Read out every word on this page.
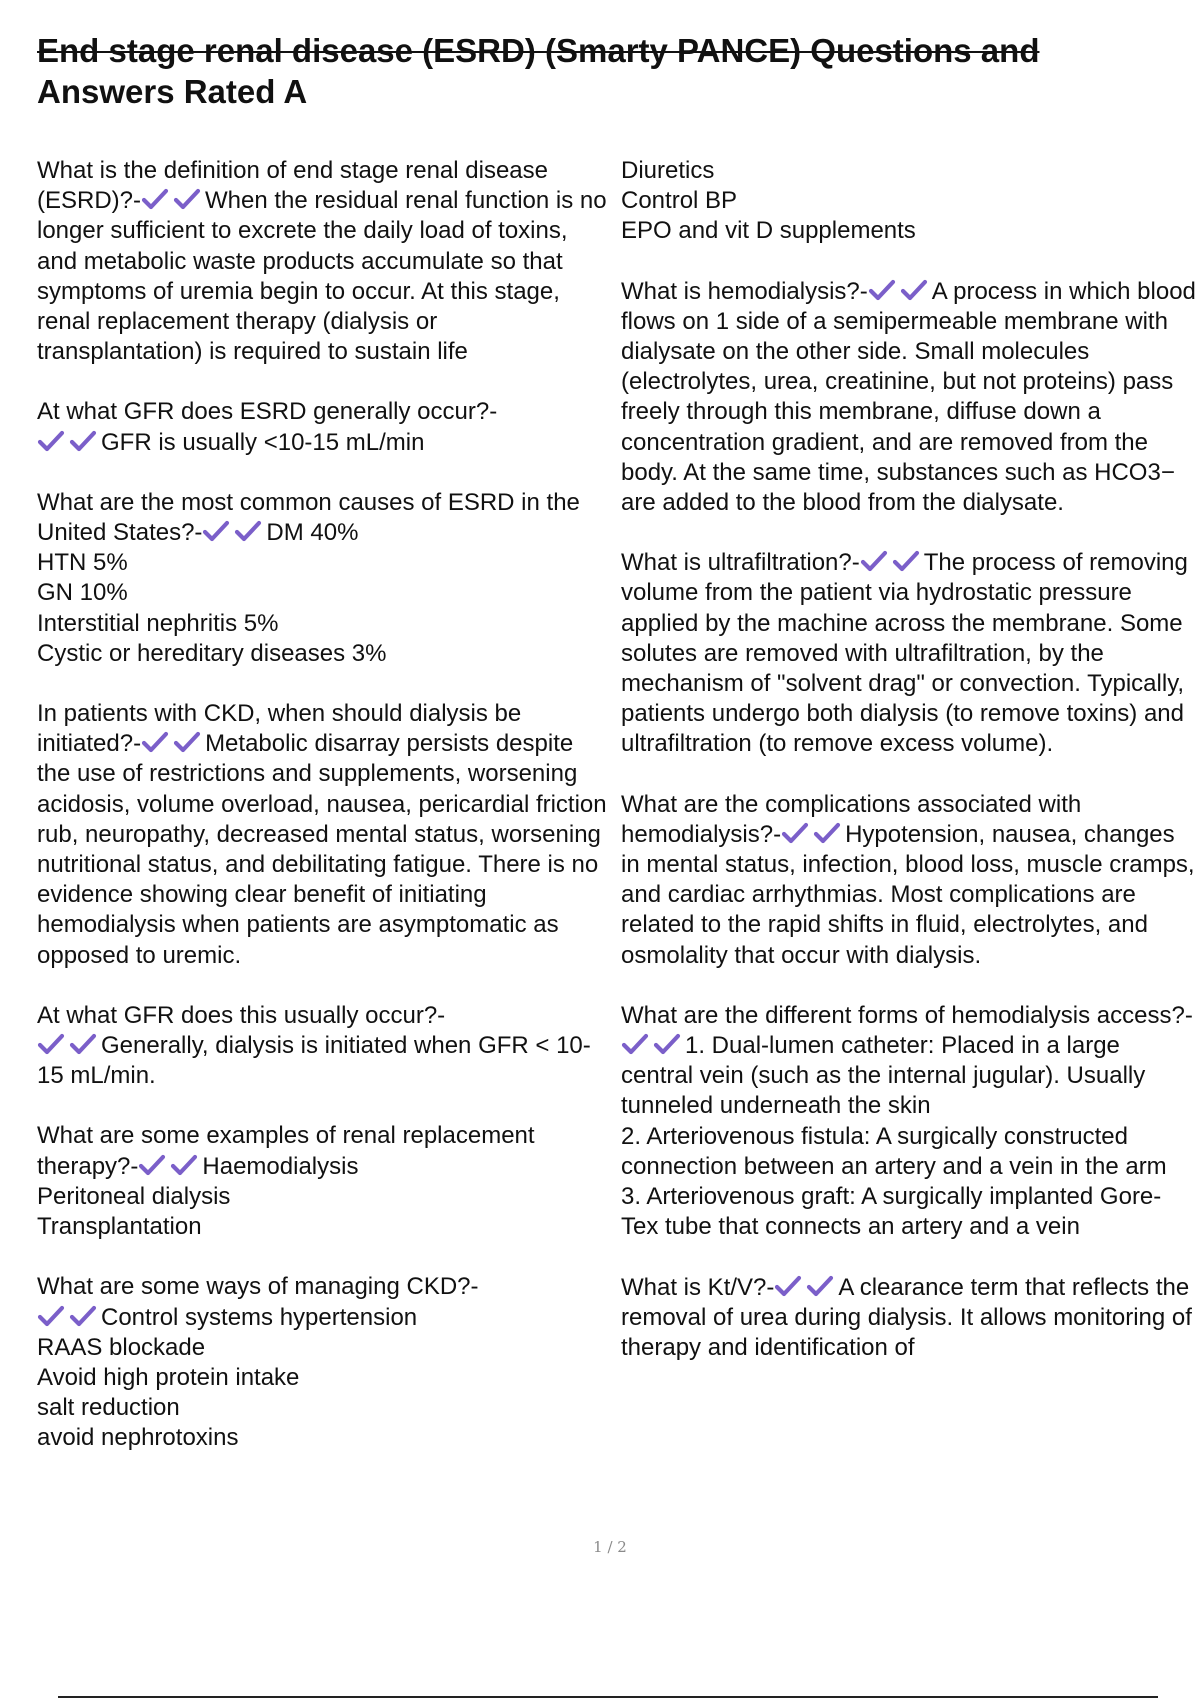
End stage renal disease (ESRD) (Smarty PANCE) Questions and
Answers Rated A
What is the definition of end stage renal disease (ESRD)?-	When the residual renal function is no longer sufficient to excrete the daily load of toxins, and metabolic waste products accumulate so that symptoms of uremia begin to occur. At this stage, renal replacement therapy (dialysis or transplantation) is required to sustain life
At what GFR does ESRD generally occur?-

GFR is usually <10-15 mL/min
What are the most common causes of ESRD in the United States?-	DM 40%
HTN 5%
GN 10%
Interstitial nephritis 5%
Cystic or hereditary diseases 3%
In patients with CKD, when should dialysis be initiated?-	Metabolic disarray persists despite the use of restrictions and supplements, worsening acidosis, volume overload, nausea, pericardial friction rub, neuropathy, decreased mental status, worsening nutritional status, and debilitating fatigue. There is no evidence showing clear benefit of initiating hemodialysis when patients are asymptomatic as opposed to uremic.
At what GFR does this usually occur?-

Generally, dialysis is initiated when GFR < 10-15 mL/min.
What are some examples of renal replacement therapy?-	Haemodialysis
Peritoneal dialysis
Transplantation
What are some ways of managing CKD?-

Control systems hypertension
RAAS blockade
Avoid high protein intake
salt reduction
avoid nephrotoxins
Diuretics
Control BP
EPO and vit D supplements
What is hemodialysis?-	A process in which blood flows on 1 side of a semipermeable membrane with dialysate on the other side. Small molecules (electrolytes, urea, creatinine, but not proteins) pass freely through this membrane, diffuse down a concentration gradient, and are removed from the body. At the same time, substances such as HCO3− are added to the blood from the dialysate.
What is ultrafiltration?-	The process of removing volume from the patient via hydrostatic pressure applied by the machine across the membrane. Some solutes are removed with ultrafiltration, by the mechanism of "solvent drag" or convection. Typically, patients undergo both dialysis (to remove toxins) and ultrafiltration (to remove excess volume).
What are the complications associated with hemodialysis?-	Hypotension, nausea, changes in mental status, infection, blood loss, muscle cramps, and cardiac arrhythmias. Most complications are related to the rapid shifts in fluid, electrolytes, and osmolality that occur with dialysis.
What are the different forms of hemodialysis access?-
1. Dual-lumen catheter: Placed in a large central vein (such as the internal jugular). Usually tunneled underneath the skin
2. Arteriovenous fistula: A surgically constructed connection between an artery and a vein in the arm
3. Arteriovenous graft: A surgically implanted Gore-Tex tube that connects an artery and a vein
What is Kt/V?-	A clearance term that reflects the removal of urea during dialysis. It allows monitoring of therapy and identification of
1 / 2
